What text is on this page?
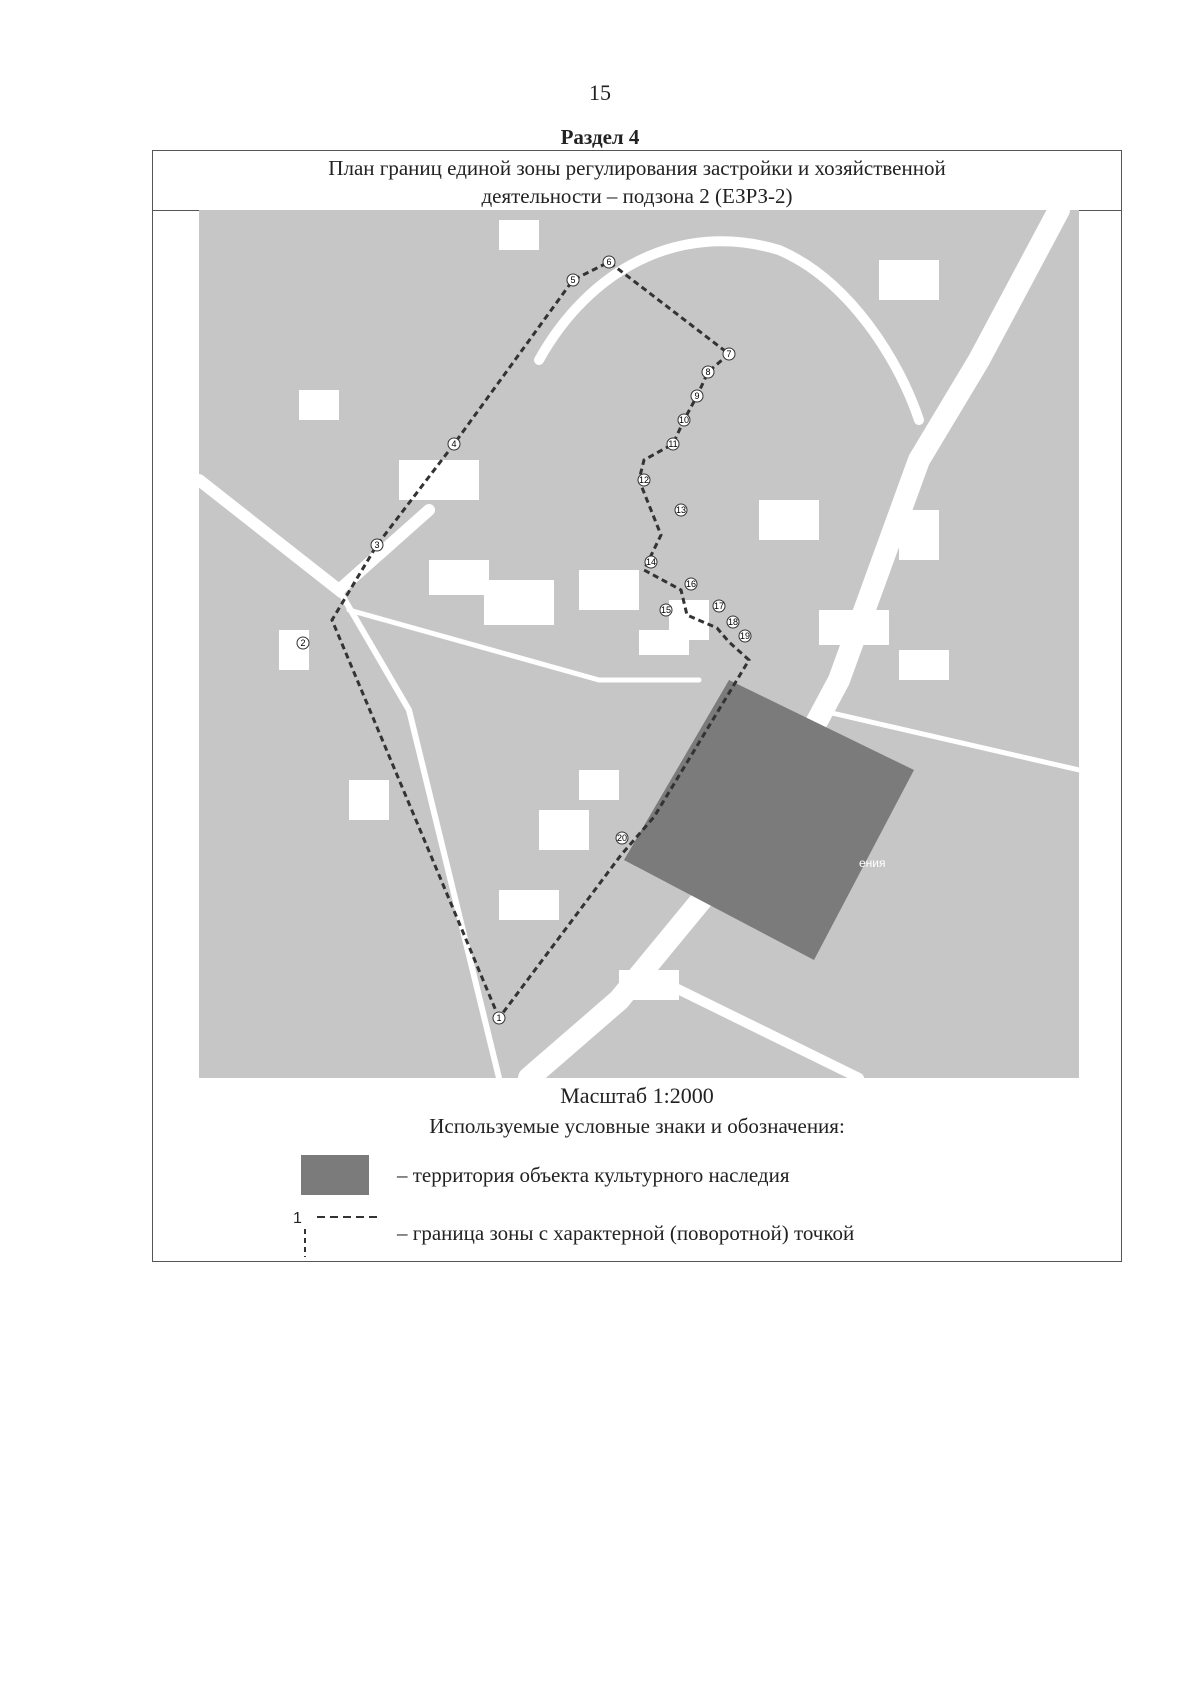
15
Раздел 4
План границ единой зоны регулирования застройки и хозяйственной
деятельности – подзона 2 (ЕЗРЗ-2)
ения
1
2
3
4
5
6
7
8
9
10
11
12
13
14
15
16
17
18
19
20
Масштаб 1:2000
Используемые условные знаки и обозначения:
– территория объекта культурного наследия
1
– граница зоны с характерной (поворотной) точкой
